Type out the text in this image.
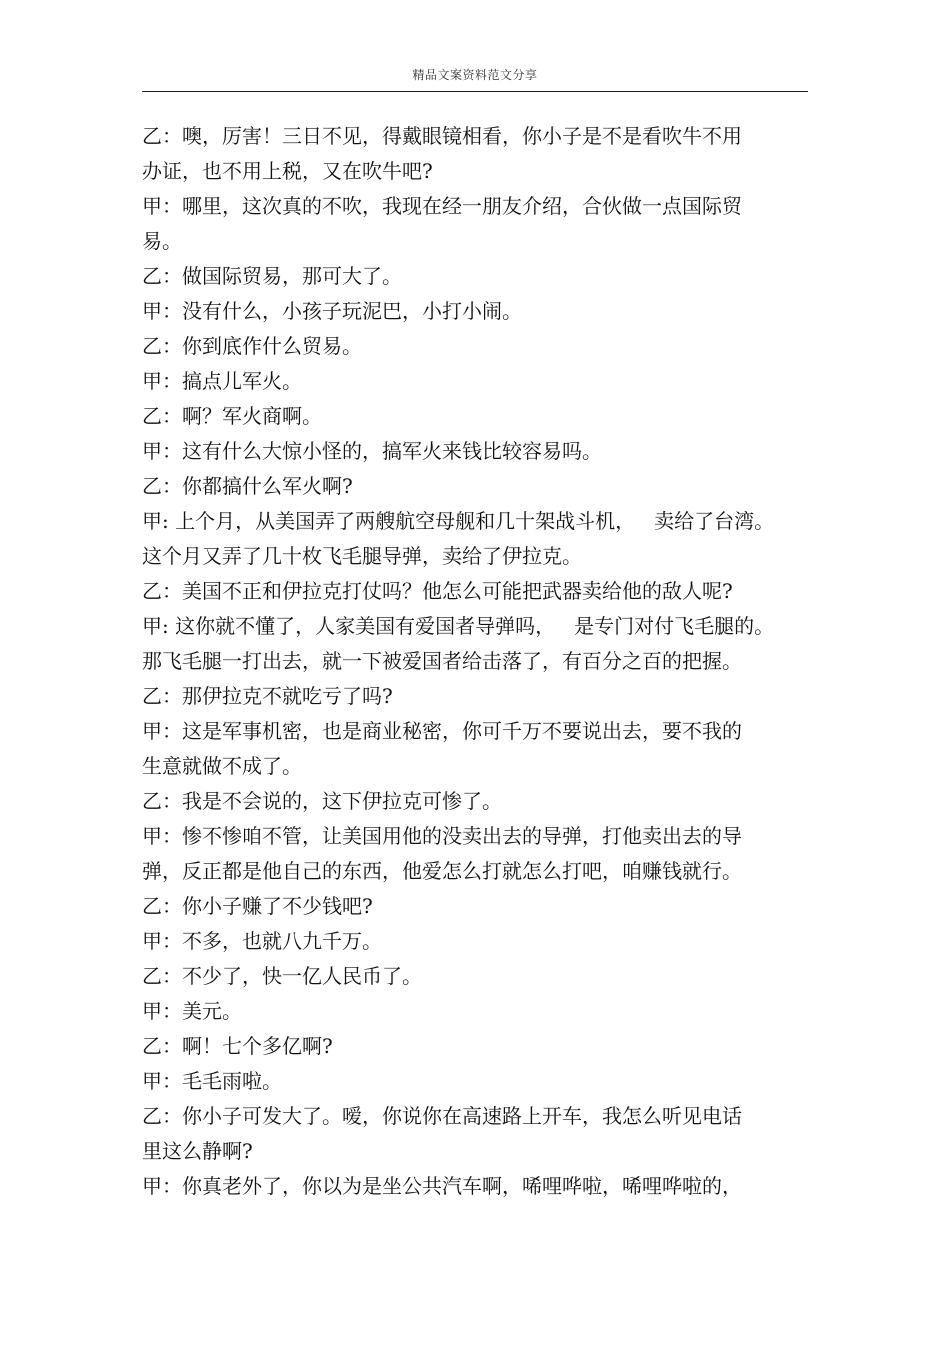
精品文案资料范文分享
乙：噢，厉害！三日不见，得戴眼镜相看，你小子是不是看吹牛不用
办证，也不用上税，又在吹牛吧?
甲：哪里，这次真的不吹，我现在经一朋友介绍，合伙做一点国际贸
易。
乙：做国际贸易，那可大了。
甲：没有什么，小孩子玩泥巴，小打小闹。
乙：你到底作什么贸易。
甲：搞点儿军火。
乙：啊？军火商啊。
甲：这有什么大惊小怪的，搞军火来钱比较容易吗。
乙：你都搞什么军火啊?
甲: 上个月，从美国弄了两艘航空母舰和几十架战斗机，   卖给了台湾。
这个月又弄了几十枚飞毛腿导弹，卖给了伊拉克。
乙：美国不正和伊拉克打仗吗？他怎么可能把武器卖给他的敌人呢?
甲: 这你就不懂了，人家美国有爱国者导弹吗，   是专门对付飞毛腿的。
那飞毛腿一打出去，就一下被爱国者给击落了，有百分之百的把握。
乙：那伊拉克不就吃亏了吗?
甲：这是军事机密，也是商业秘密，你可千万不要说出去，要不我的
生意就做不成了。
乙：我是不会说的，这下伊拉克可惨了。
甲：惨不惨咱不管，让美国用他的没卖出去的导弹，打他卖出去的导
弹，反正都是他自己的东西，他爱怎么打就怎么打吧，咱赚钱就行。
乙：你小子赚了不少钱吧?
甲：不多，也就八九千万。
乙：不少了，快一亿人民币了。
甲：美元。
乙：啊！七个多亿啊?
甲：毛毛雨啦。
乙：你小子可发大了。嗳，你说你在高速路上开车，我怎么听见电话
里这么静啊?
甲：你真老外了，你以为是坐公共汽车啊，唏哩哗啦，唏哩哗啦的，
